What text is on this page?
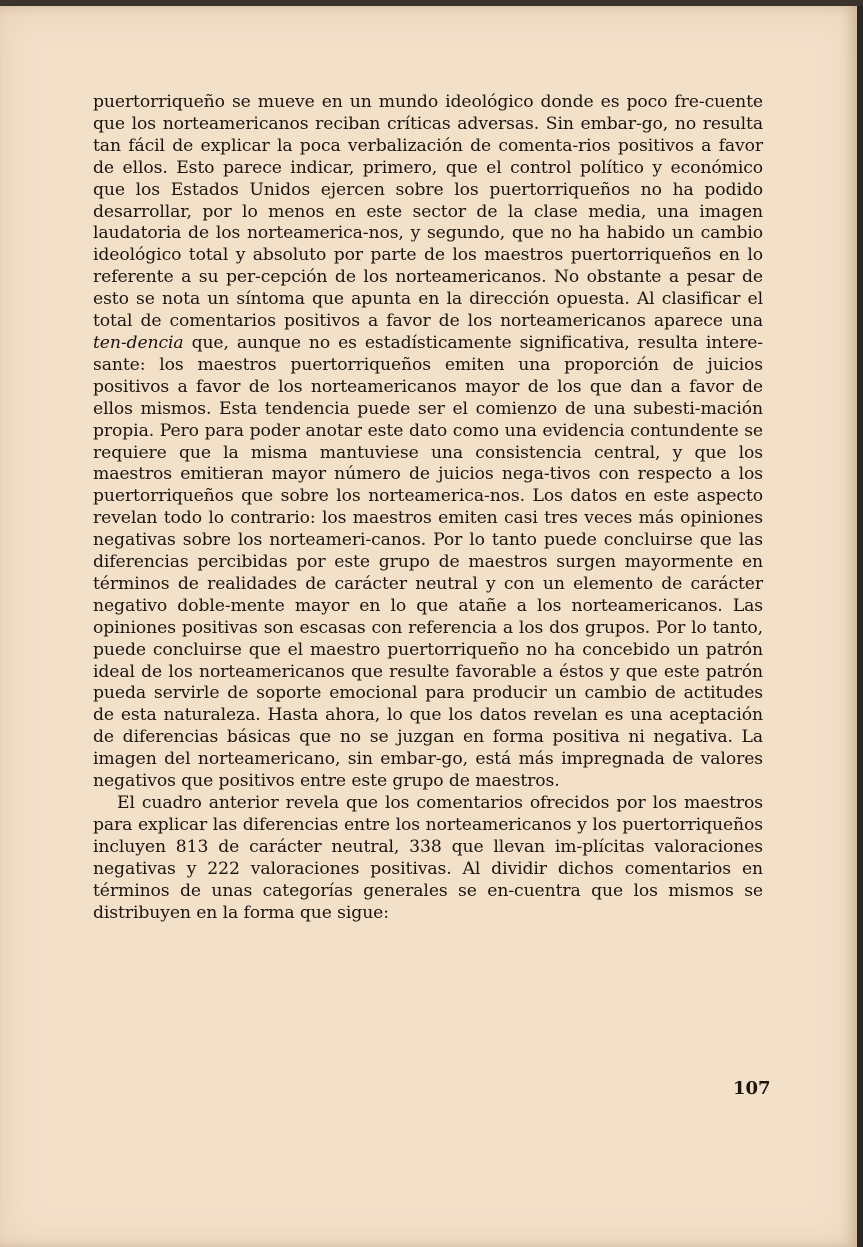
puertorriqueño se mueve en un mundo ideológico donde es poco fre-cuente que los norteamericanos reciban críticas adversas. Sin embar-go, no resulta tan fácil de explicar la poca verbalización de comenta-rios positivos a favor de ellos. Esto parece indicar, primero, que el control político y económico que los Estados Unidos ejercen sobre los puertorriqueños no ha podido desarrollar, por lo menos en este sector de la clase media, una imagen laudatoria de los norteamerica-nos, y segundo, que no ha habido un cambio ideológico total y absoluto por parte de los maestros puertorriqueños en lo referente a su per-cepción de los norteamericanos. No obstante a pesar de esto se nota un síntoma que apunta en la dirección opuesta. Al clasificar el total de comentarios positivos a favor de los norteamericanos aparece una ten-dencia que, aunque no es estadísticamente significativa, resulta intere-sante: los maestros puertorriqueños emiten una proporción de juicios positivos a favor de los norteamericanos mayor de los que dan a favor de ellos mismos. Esta tendencia puede ser el comienzo de una subesti-mación propia. Pero para poder anotar este dato como una evidencia contundente se requiere que la misma mantuviese una consistencia central, y que los maestros emitieran mayor número de juicios nega-tivos con respecto a los puertorriqueños que sobre los norteamerica-nos. Los datos en este aspecto revelan todo lo contrario: los maestros emiten casi tres veces más opiniones negativas sobre los norteameri-canos. Por lo tanto puede concluirse que las diferencias percibidas por este grupo de maestros surgen mayormente en términos de realidades de carácter neutral y con un elemento de carácter negativo doble-mente mayor en lo que atañe a los norteamericanos. Las opiniones positivas son escasas con referencia a los dos grupos. Por lo tanto, puede concluirse que el maestro puertorriqueño no ha concebido un patrón ideal de los norteamericanos que resulte favorable a éstos y que este patrón pueda servirle de soporte emocional para producir un cambio de actitudes de esta naturaleza. Hasta ahora, lo que los datos revelan es una aceptación de diferencias básicas que no se juzgan en forma positiva ni negativa. La imagen del norteamericano, sin embar-go, está más impregnada de valores negativos que positivos entre este grupo de maestros.

El cuadro anterior revela que los comentarios ofrecidos por los maestros para explicar las diferencias entre los norteamericanos y los puertorriqueños incluyen 813 de carácter neutral, 338 que llevan im-plícitas valoraciones negativas y 222 valoraciones positivas. Al dividir dichos comentarios en términos de unas categorías generales se en-cuentra que los mismos se distribuyen en la forma que sigue:

107
